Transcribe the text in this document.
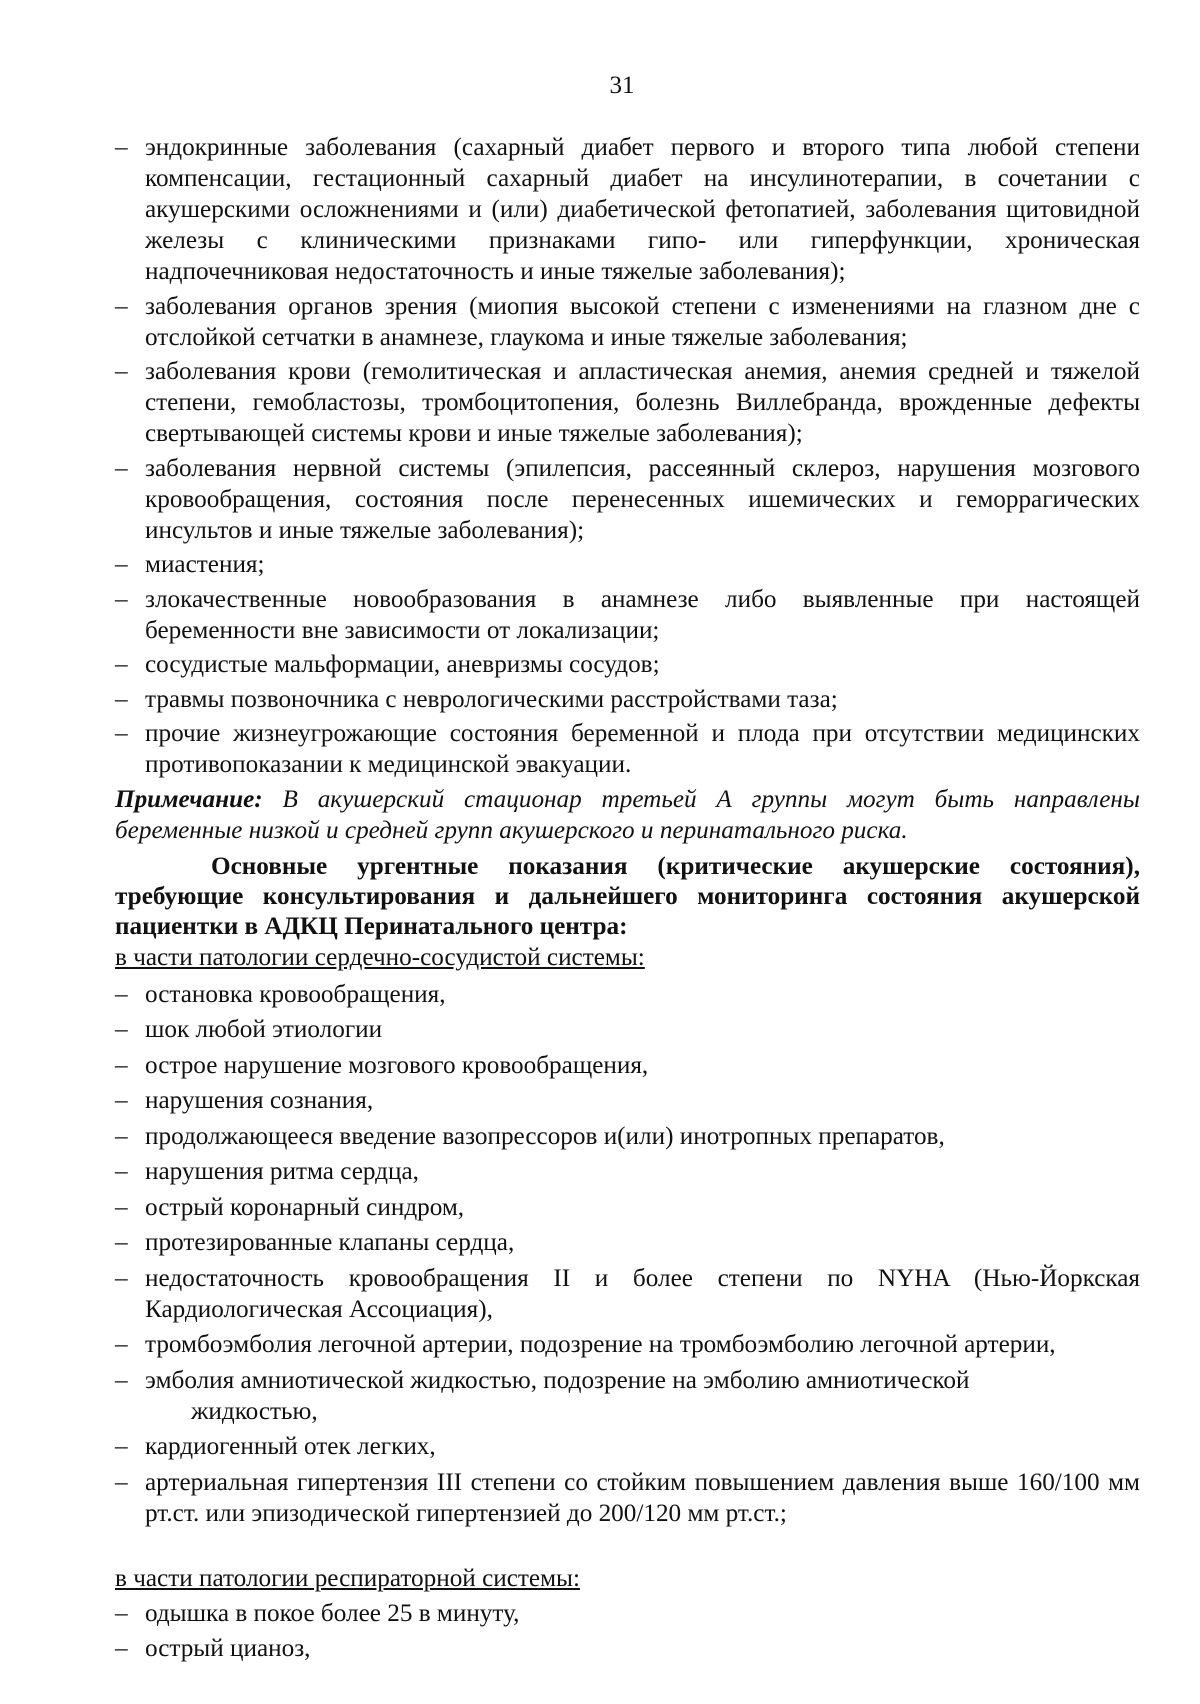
31
– эндокринные заболевания (сахарный диабет первого и второго типа любой степени компенсации, гестационный сахарный диабет на инсулинотерапии, в сочетании с акушерскими осложнениями и (или) диабетической фетопатией, заболевания щитовидной железы с клиническими признаками гипо- или гиперфункции, хроническая надпочечниковая недостаточность и иные тяжелые заболевания);
– заболевания органов зрения (миопия высокой степени с изменениями на глазном дне с отслойкой сетчатки в анамнезе, глаукома и иные тяжелые заболевания;
– заболевания крови (гемолитическая и апластическая анемия, анемия средней и тяжелой степени, гемобластозы, тромбоцитопения, болезнь Виллебранда, врожденные дефекты свертывающей системы крови и иные тяжелые заболевания);
– заболевания нервной системы (эпилепсия, рассеянный склероз, нарушения мозгового кровообращения, состояния после перенесенных ишемических и геморрагических инсультов и иные тяжелые заболевания);
– миастения;
– злокачественные новообразования в анамнезе либо выявленные при настоящей беременности вне зависимости от локализации;
– сосудистые мальформации, аневризмы сосудов;
– травмы позвоночника с неврологическими расстройствами таза;
– прочие жизнеугрожающие состояния беременной и плода при отсутствии медицинских противопоказании к медицинской эвакуации.

Примечание: В акушерский стационар третьей А группы могут быть направлены беременные низкой и средней групп акушерского и перинатального риска.

Основные ургентные показания (критические акушерские состояния), требующие консультирования и дальнейшего мониторинга состояния акушерской пациентки в АДКЦ Перинатального центра:

в части патологии сердечно-сосудистой системы:
– остановка кровообращения,
– шок любой этиологии
– острое нарушение мозгового кровообращения,
– нарушения сознания,
– продолжающееся введение вазопрессоров и(или) инотропных препаратов,
– нарушения ритма сердца,
– острый коронарный синдром,
– протезированные клапаны сердца,
– недостаточность кровообращения II и более степени по NYHA (Нью-Йоркская Кардиологическая Ассоциация),
– тромбоэмболия легочной артерии, подозрение на тромбоэмболию легочной артерии,
– эмболия амниотической жидкостью, подозрение на эмболию амниотической
жидкостью,
– кардиогенный отек легких,
– артериальная гипертензия III степени со стойким повышением давления выше 160/100 мм рт.ст. или эпизодической гипертензией до 200/120 мм рт.ст.;
в части патологии респираторной системы:
– одышка в покое более 25 в минуту,
– острый цианоз,
